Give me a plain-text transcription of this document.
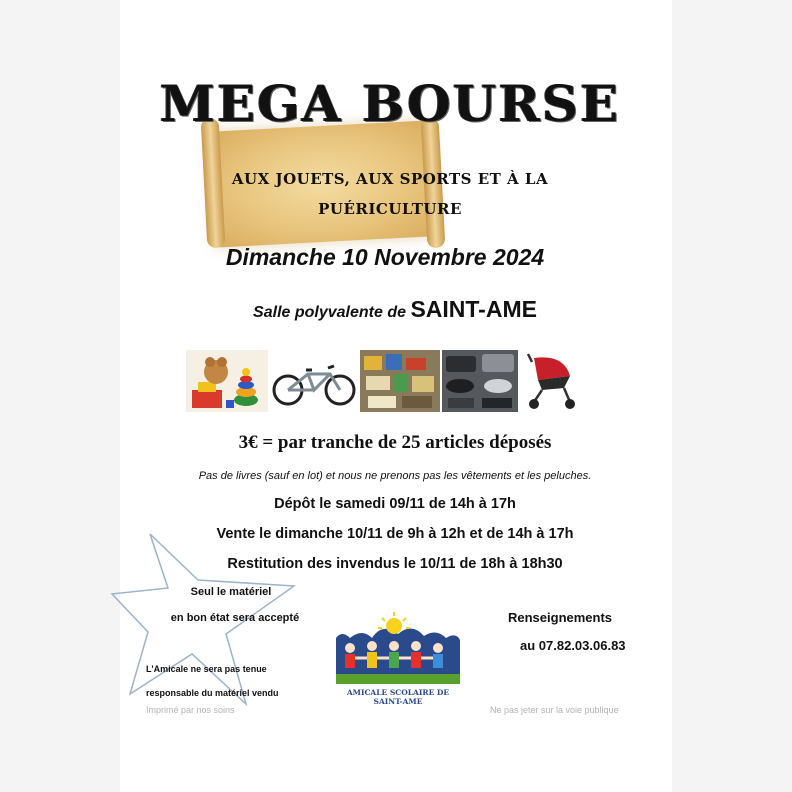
MEGA BOURSE
AUX JOUETS, AUX SPORTS ET À LA
PUÉRICULTURE
Dimanche 10 Novembre 2024
Salle polyvalente de SAINT-AME
3€ = par tranche de 25 articles déposés
Pas de livres (sauf en lot) et nous ne prenons pas les vêtements et les peluches.
Dépôt le samedi 09/11 de 14h à 17h
Vente le dimanche 10/11 de 9h à 12h et de 14h à 17h
Restitution des invendus le 10/11 de 18h à 18h30
Seul le matériel
en bon état sera accepté
L'Amicale ne sera pas tenue
responsable du matériel vendu	AMICALE SCOLAIRE DE SAINT-AME
Renseignements
au 07.82.03.06.83
Imprimé par nos soins	Ne pas jeter sur la voie publique
